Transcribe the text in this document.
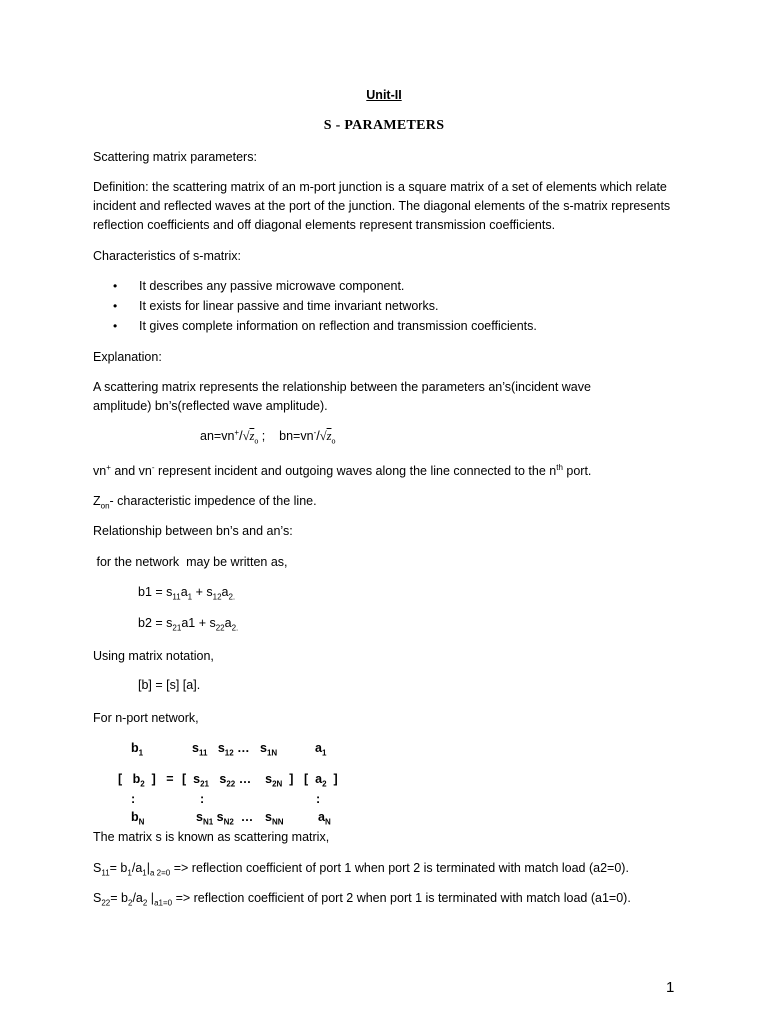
Unit-II
S - PARAMETERS
Scattering matrix parameters:
Definition: the scattering matrix of an m-port junction is a square matrix of a set of elements which relate incident and reflected waves at the port of the junction. The diagonal elements of the s-matrix represents reflection coefficients and off diagonal elements represent transmission coefficients.
Characteristics of s-matrix:
• It describes any passive microwave component.
• It exists for linear passive and time invariant networks.
• It gives complete information on reflection and transmission coefficients.
Explanation:
A scattering matrix represents the relationship between the parameters an’s(incident wave
amplitude) bn’s(reflected wave amplitude).
$an=vn^+/√z_o$ ;    $bn=vn^-/√z_o$
vn+ and vn- represent incident and outgoing waves along the line connected to the $n^{th}$ port.
$Z_{on}-$ characteristic impedence of the line.
Relationship between bn’s and an’s:
for the network  may be written as,
$b1 = s_{11}a_1 + s_{12}a_{2.}$
$b2 = s_{21}a1 + s_{22}a_{2.}$
Using matrix notation,
[b] = [s] [a].
For n-port network,
$b_1$	$s_{11}$   $s_{12}$ … $s_{1N}$	$a_1$
[   $b_2$  ]   = [  $s_{21}$   $s_{22}$ …    $s_{2N}$  ] [  $a_2$  ]
:	:	:
$b_N$	$s_{N1}$ $s_{N2}$  … $s_{NN}$	$a_N$
The matrix s is known as scattering matrix,
$S_{11}= b_1/a_1|_{a 2=0}$ => reflection coefficient of port 1 when port 2 is terminated with match load (a2=0).
$S_{22}= b_2/a_2$ $|_{a1=0}$ => reflection coefficient of port 2 when port 1 is terminated with match load (a1=0).
1
